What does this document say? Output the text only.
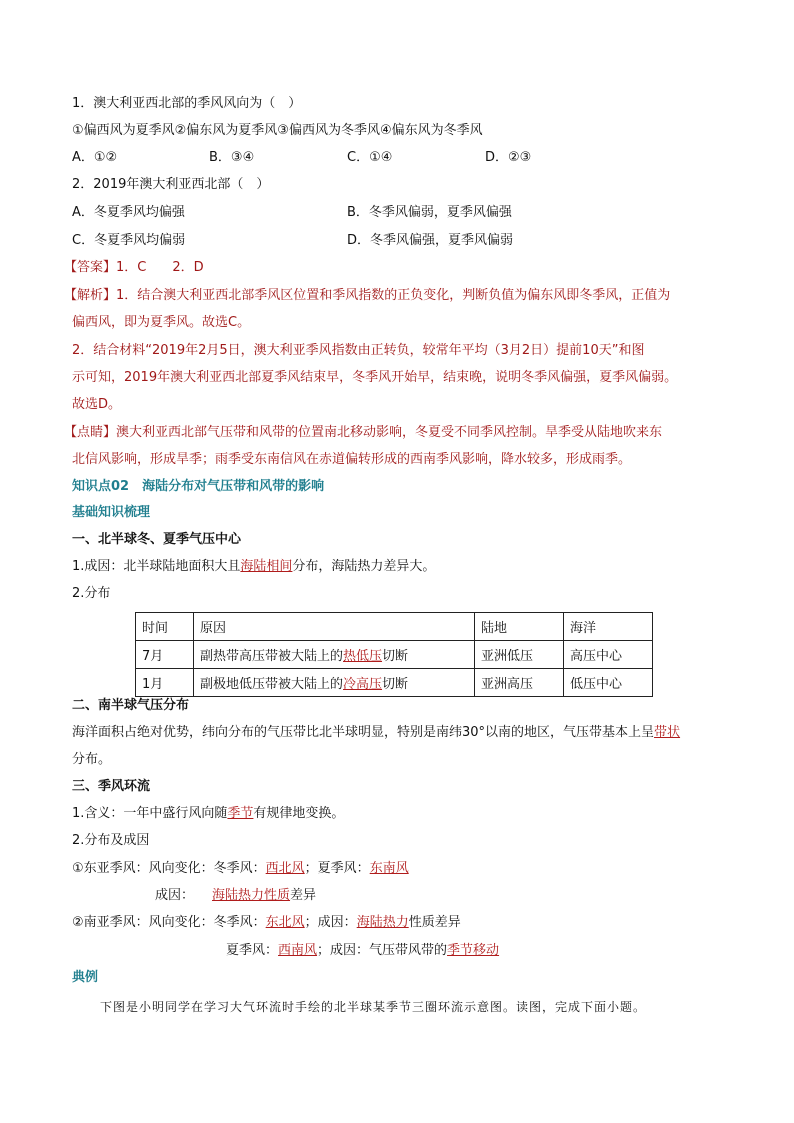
1．澳大利亚西北部的季风风向为（　）
①偏西风为夏季风②偏东风为夏季风③偏西风为冬季风④偏东风为冬季风
A．①②	B．③④	C．①④	D．②③
2．2019年澳大利亚西北部（　）
A．冬夏季风均偏强	B．冬季风偏弱，夏季风偏强
C．冬夏季风均偏弱	D．冬季风偏强，夏季风偏弱
【答案】1．C　　2．D
【解析】1．结合澳大利亚西北部季风区位置和季风指数的正负变化，判断负值为偏东风即冬季风，正值为
偏西风，即为夏季风。故选C。
2．结合材料“2019年2月5日，澳大利亚季风指数由正转负，较常年平均（3月2日）提前10天”和图
示可知，2019年澳大利亚西北部夏季风结束早，冬季风开始早，结束晚，说明冬季风偏强，夏季风偏弱。
故选D。
【点睛】澳大利亚西北部气压带和风带的位置南北移动影响，冬夏受不同季风控制。旱季受从陆地吹来东
北信风影响，形成旱季；雨季受东南信风在赤道偏转形成的西南季风影响，降水较多，形成雨季。
知识点02　海陆分布对气压带和风带的影响
基础知识梳理
一、北半球冬、夏季气压中心
1.成因：北半球陆地面积大且海陆相间分布，海陆热力差异大。
2.分布
时间	原因	陆地	海洋
7月	副热带高压带被大陆上的热低压切断	亚洲低压	高压中心
1月	副极地低压带被大陆上的冷高压切断	亚洲高压	低压中心
二、南半球气压分布
海洋面积占绝对优势，纬向分布的气压带比北半球明显，特别是南纬30°以南的地区，气压带基本上呈带状
分布。
三、季风环流
1.含义：一年中盛行风向随季节有规律地变换。
2.分布及成因
①东亚季风：风向变化：冬季风：西北风；夏季风：东南风
成因： 海陆热力性质差异
②南亚季风：风向变化：冬季风：东北风；成因：海陆热力性质差异
夏季风：西南风；成因：气压带风带的季节移动
典例
下图是小明同学在学习大气环流时手绘的北半球某季节三圈环流示意图。读图，完成下面小题。
